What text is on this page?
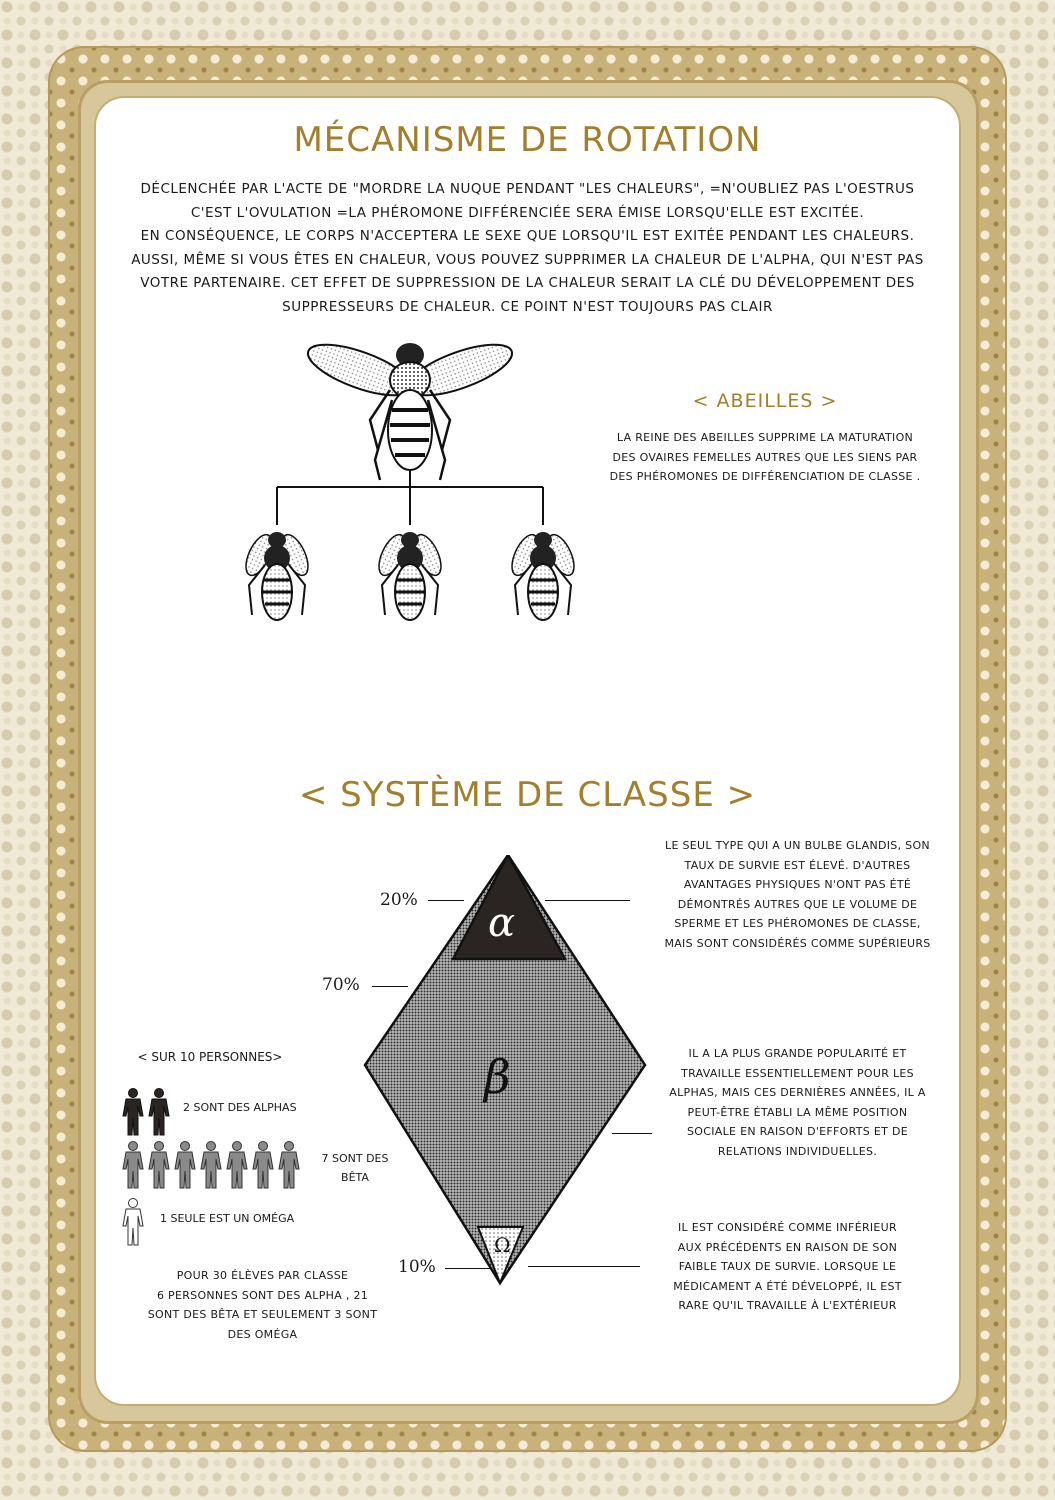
MÉCANISME DE ROTATION

DÉCLENCHÉE PAR L'ACTE DE "MORDRE LA NUQUE PENDANT "LES CHALEURS", =N'OUBLIEZ PAS L'OESTRUS
C'EST L'OVULATION =LA PHÉROMONE DIFFÉRENCIÉE SERA ÉMISE LORSQU'ELLE EST EXCITÉE.
EN CONSÉQUENCE, LE CORPS N'ACCEPTERA LE SEXE QUE LORSQU'IL EST EXITÉE PENDANT LES CHALEURS.
AUSSI, MÊME SI VOUS ÊTES EN CHALEUR, VOUS POUVEZ SUPPRIMER LA CHALEUR DE L'ALPHA, QUI N'EST PAS
VOTRE PARTENAIRE. CET EFFET DE SUPPRESSION DE LA CHALEUR SERAIT LA CLÉ DU DÉVELOPPEMENT DES
SUPPRESSEURS DE CHALEUR. CE POINT N'EST TOUJOURS PAS CLAIR

< ABEILLES >

LA REINE DES ABEILLES SUPPRIME LA MATURATION
DES OVAIRES FEMELLES AUTRES QUE LES SIENS PAR
DES PHÉROMONES DE DIFFÉRENCIATION DE CLASSE .

< SYSTÈME DE CLASSE >
α
β
Ω
20%
70%
10%

LE SEUL TYPE QUI A UN BULBE GLANDIS, SON
TAUX DE SURVIE EST ÉLEVÉ. D'AUTRES
AVANTAGES PHYSIQUES N'ONT PAS ÉTÉ
DÉMONTRÉS AUTRES QUE LE VOLUME DE
SPERME ET LES PHÉROMONES DE CLASSE,
MAIS SONT CONSIDÉRÉS COMME SUPÉRIEURS

IL A LA PLUS GRANDE POPULARITÉ ET
TRAVAILLE ESSENTIELLEMENT POUR LES
ALPHAS, MAIS CES DERNIÈRES ANNÉES, IL A
PEUT-ÊTRE ÉTABLI LA MÊME POSITION
SOCIALE EN RAISON D'EFFORTS ET DE
RELATIONS INDIVIDUELLES.

IL EST CONSIDÉRÉ COMME INFÉRIEUR
AUX PRÉCÉDENTS EN RAISON DE SON
FAIBLE TAUX DE SURVIE. LORSQUE LE
MÉDICAMENT A ÉTÉ DÉVELOPPÉ, IL EST
RARE QU'IL TRAVAILLE À L'EXTÉRIEUR

< SUR 10 PERSONNES>
2 SONT DES ALPHAS
7 SONT DES
BÊTA
1 SEULE EST UN OMÉGA

POUR 30 ÉLÈVES PAR CLASSE
6 PERSONNES SONT DES ALPHA , 21
SONT DES BÊTA ET SEULEMENT 3 SONT
DES OMÉGA
